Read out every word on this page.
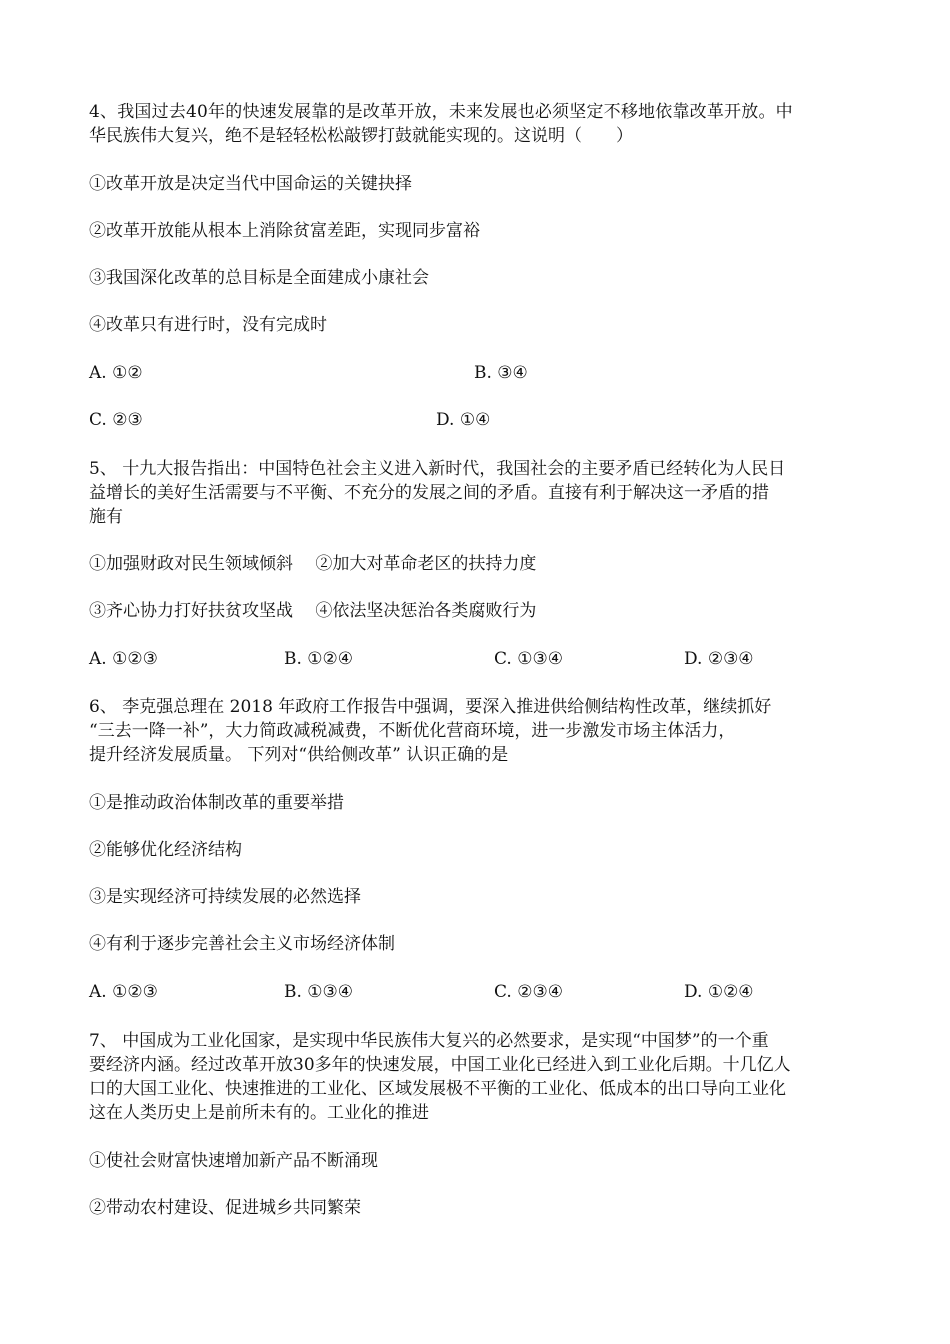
4、我国过去40年的快速发展靠的是改革开放，未来发展也必须坚定不移地依靠改革开放。中
华民族伟大复兴，绝不是轻轻松松敲锣打鼓就能实现的。这说明（　　）
①改革开放是决定当代中国命运的关键抉择
②改革开放能从根本上消除贫富差距，实现同步富裕
③我国深化改革的总目标是全面建成小康社会
④改革只有进行时，没有完成时
A. ①②	B. ③④
C. ②③	D. ①④
5、 十九大报告指出：中国特色社会主义进入新时代，我国社会的主要矛盾已经转化为人民日
益增长的美好生活需要与不平衡、不充分的发展之间的矛盾。直接有利于解决这一矛盾的措
施有
①加强财政对民生领域倾斜　 ②加大对革命老区的扶持力度
③齐心协力打好扶贫攻坚战　 ④依法坚决惩治各类腐败行为
A. ①②③	B. ①②④	C. ①③④	D. ②③④
6、 李克强总理在 2018 年政府工作报告中强调，要深入推进供给侧结构性改革，继续抓好
“三去一降一补”，大力简政减税减费，不断优化营商环境，进一步激发市场主体活力，
提升经济发展质量。 下列对“供给侧改革” 认识正确的是
①是推动政治体制改革的重要举措
②能够优化经济结构
③是实现经济可持续发展的必然选择
④有利于逐步完善社会主义市场经济体制
A. ①②③	B. ①③④	C. ②③④	D. ①②④
7、 中国成为工业化国家，是实现中华民族伟大复兴的必然要求，是实现“中国梦”的一个重
要经济内涵。经过改革开放30多年的快速发展，中国工业化已经进入到工业化后期。十几亿人
口的大国工业化、快速推进的工业化、区域发展极不平衡的工业化、低成本的出口导向工业化
这在人类历史上是前所未有的。工业化的推进
①使社会财富快速增加新产品不断涌现
②带动农村建设、促进城乡共同繁荣
